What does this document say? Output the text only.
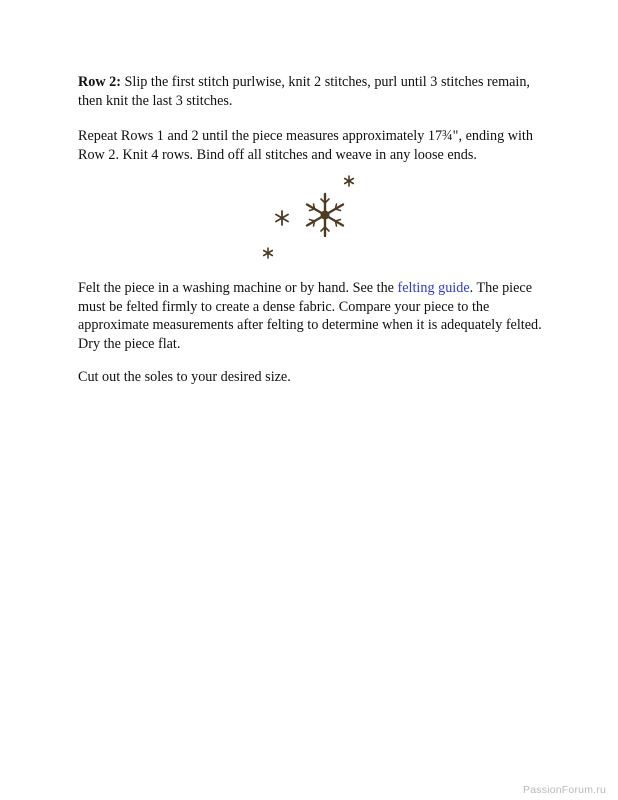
Row 2: Slip the first stitch purlwise, knit 2 stitches, purl until 3 stitches remain, then knit the last 3 stitches.

Repeat Rows 1 and 2 until the piece measures approximately 17¾", ending with Row 2. Knit 4 rows. Bind off all stitches and weave in any loose ends.

Felt the piece in a washing machine or by hand. See the felting guide. The piece must be felted firmly to create a dense fabric. Compare your piece to the approximate measurements after felting to determine when it is adequately felted. Dry the piece flat.

Cut out the soles to your desired size.

PassionForum.ru
